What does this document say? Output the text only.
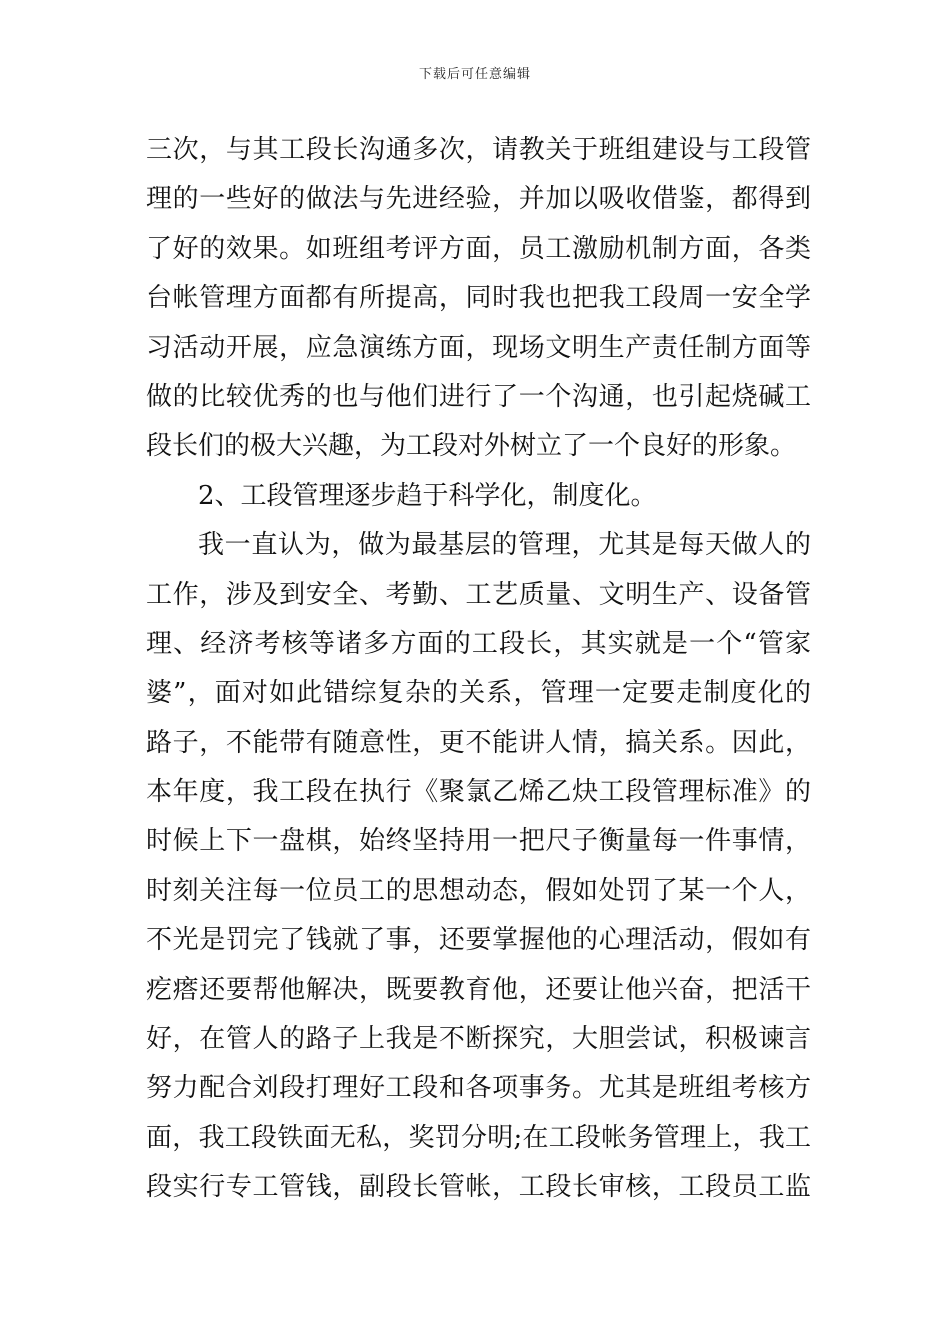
下载后可任意编辑
三次，与其工段长沟通多次，请教关于班组建设与工段管
理的一些好的做法与先进经验，并加以吸收借鉴，都得到
了好的效果。如班组考评方面，员工激励机制方面，各类
台帐管理方面都有所提高，同时我也把我工段周一安全学
习活动开展，应急演练方面，现场文明生产责任制方面等
做的比较优秀的也与他们进行了一个沟通，也引起烧碱工
段长们的极大兴趣，为工段对外树立了一个良好的形象。
2、工段管理逐步趋于科学化，制度化。
我一直认为，做为最基层的管理，尤其是每天做人的
工作，涉及到安全、考勤、工艺质量、文明生产、设备管
理、经济考核等诸多方面的工段长，其实就是一个“管家
婆”，面对如此错综复杂的关系，管理一定要走制度化的
路子，不能带有随意性，更不能讲人情，搞关系。因此，
本年度，我工段在执行《聚氯乙烯乙炔工段管理标准》的
时候上下一盘棋，始终坚持用一把尺子衡量每一件事情，
时刻关注每一位员工的思想动态，假如处罚了某一个人，
不光是罚完了钱就了事，还要掌握他的心理活动，假如有
疙瘩还要帮他解决，既要教育他，还要让他兴奋，把活干
好，在管人的路子上我是不断探究，大胆尝试，积极谏言
努力配合刘段打理好工段和各项事务。尤其是班组考核方
面，我工段铁面无私，奖罚分明;在工段帐务管理上，我工
段实行专工管钱，副段长管帐，工段长审核，工段员工监
